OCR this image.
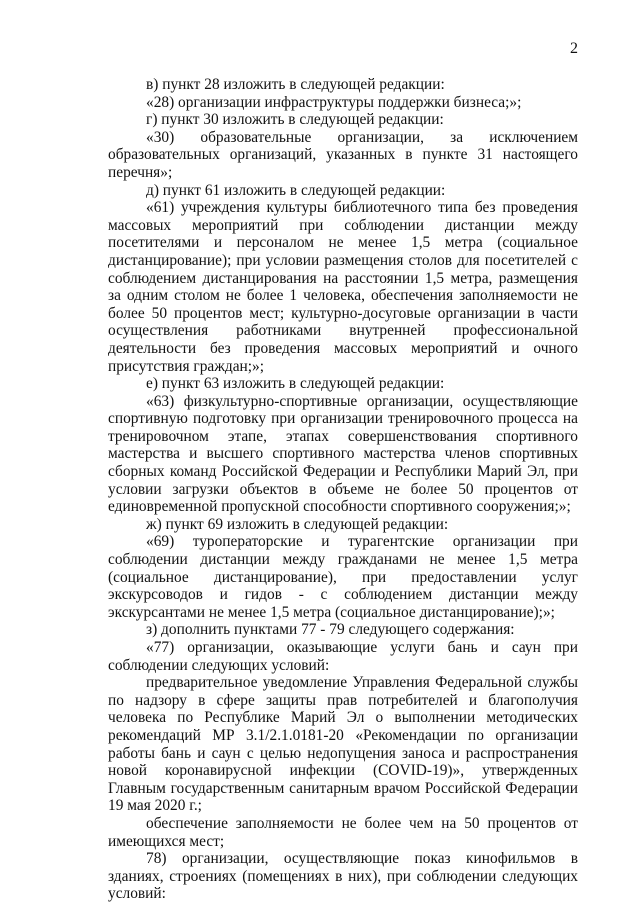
2

в) пункт 28 изложить в следующей редакции:

«28) организации инфраструктуры поддержки бизнеса;»;

г) пункт 30 изложить в следующей редакции:

«30) образовательные организации, за исключением образовательных организаций, указанных в пункте 31 настоящего перечня»;

д) пункт 61 изложить в следующей редакции:

«61) учреждения культуры библиотечного типа без проведения массовых мероприятий при соблюдении дистанции между посетителями и персоналом не менее 1,5 метра (социальное дистанцирование); при условии размещения столов для посетителей с соблюдением дистанцирования на расстоянии 1,5 метра, размещения за одним столом не более 1 человека, обеспечения заполняемости не более 50 процентов мест; культурно-досуговые организации в части осуществления работниками внутренней профессиональной деятельности без проведения массовых мероприятий и очного присутствия граждан;»;

е) пункт 63 изложить в следующей редакции:

«63) физкультурно-спортивные организации, осуществляющие спортивную подготовку при организации тренировочного процесса на тренировочном этапе, этапах совершенствования спортивного мастерства и высшего спортивного мастерства членов спортивных сборных команд Российской Федерации и Республики Марий Эл, при условии загрузки объектов в объеме не более 50 процентов от единовременной пропускной способности спортивного сооружения;»;

ж) пункт 69 изложить в следующей редакции:

«69) туроператорские и турагентские организации при соблюдении дистанции между гражданами не менее 1,5 метра (социальное дистанцирование), при предоставлении услуг экскурсоводов и гидов - с соблюдением дистанции между экскурсантами не менее 1,5 метра (социальное дистанцирование);»;

з) дополнить пунктами 77 - 79 следующего содержания:

«77) организации, оказывающие услуги бань и саун при соблюдении следующих условий:

предварительное уведомление Управления Федеральной службы по надзору в сфере защиты прав потребителей и благополучия человека по Республике Марий Эл о выполнении методических рекомендаций МР 3.1/2.1.0181-20 «Рекомендации по организации работы бань и саун с целью недопущения заноса и распространения новой коронавирусной инфекции (COVID-19)», утвержденных Главным государственным санитарным врачом Российской Федерации 19 мая 2020 г.;

обеспечение заполняемости не более чем на 50 процентов от имеющихся мест;

78) организации, осуществляющие показ кинофильмов в зданиях, строениях (помещениях в них), при соблюдении следующих условий:
